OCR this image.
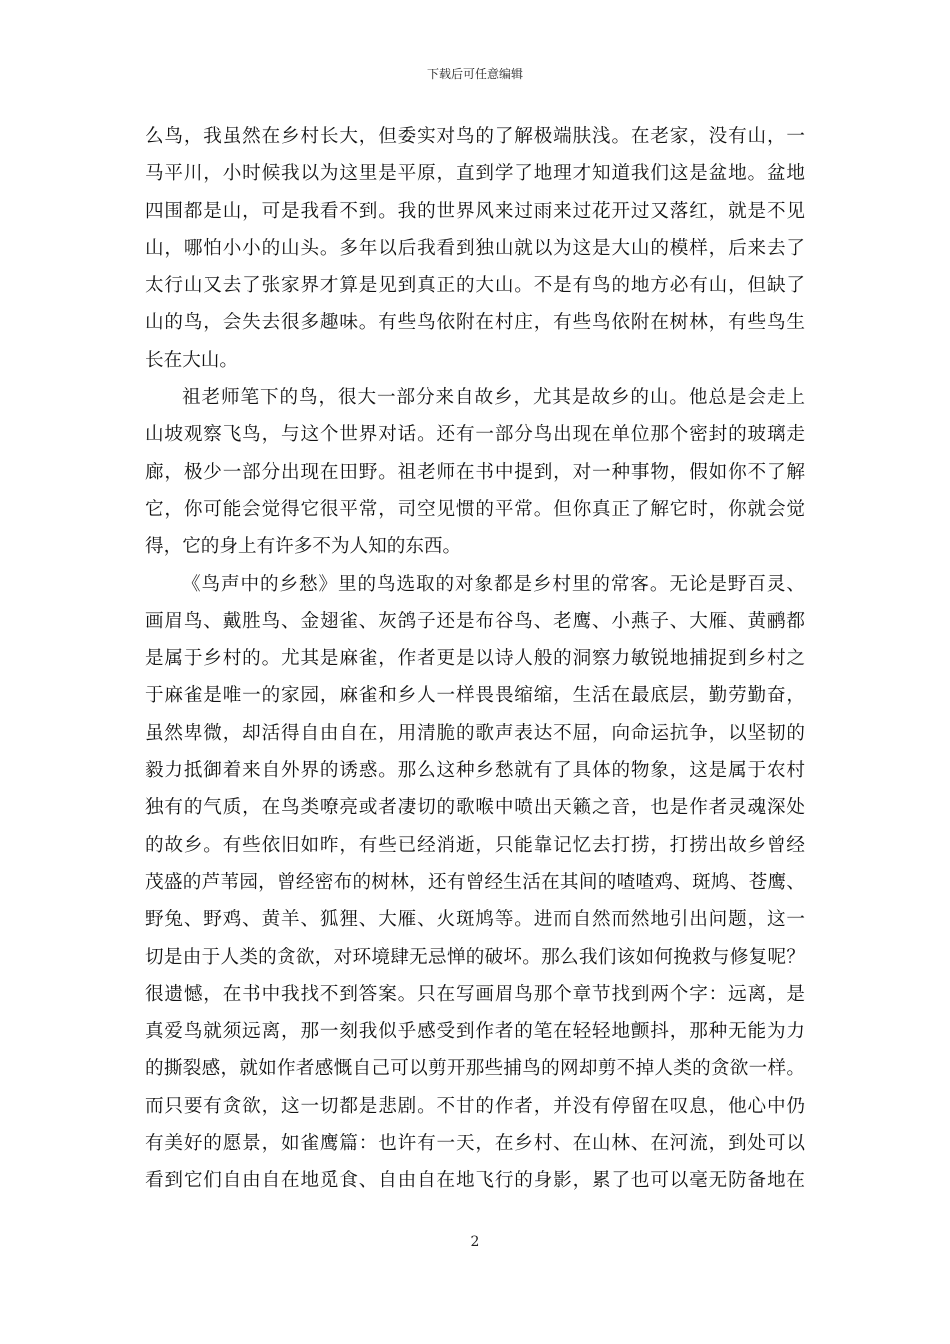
下载后可任意编辑

么鸟，我虽然在乡村长大，但委实对鸟的了解极端肤浅。在老家，没有山，一
马平川，小时候我以为这里是平原，直到学了地理才知道我们这是盆地。盆地
四围都是山，可是我看不到。我的世界风来过雨来过花开过又落红，就是不见
山，哪怕小小的山头。多年以后我看到独山就以为这是大山的模样，后来去了
太行山又去了张家界才算是见到真正的大山。不是有鸟的地方必有山，但缺了
山的鸟，会失去很多趣味。有些鸟依附在村庄，有些鸟依附在树林，有些鸟生
长在大山。

祖老师笔下的鸟，很大一部分来自故乡，尤其是故乡的山。他总是会走上
山坡观察飞鸟，与这个世界对话。还有一部分鸟出现在单位那个密封的玻璃走
廊，极少一部分出现在田野。祖老师在书中提到，对一种事物，假如你不了解
它，你可能会觉得它很平常，司空见惯的平常。但你真正了解它时，你就会觉
得，它的身上有许多不为人知的东西。

《鸟声中的乡愁》里的鸟选取的对象都是乡村里的常客。无论是野百灵、
画眉鸟、戴胜鸟、金翅雀、灰鸽子还是布谷鸟、老鹰、小燕子、大雁、黄鹂都
是属于乡村的。尤其是麻雀，作者更是以诗人般的洞察力敏锐地捕捉到乡村之
于麻雀是唯一的家园，麻雀和乡人一样畏畏缩缩，生活在最底层，勤劳勤奋，
虽然卑微，却活得自由自在，用清脆的歌声表达不屈，向命运抗争，以坚韧的
毅力抵御着来自外界的诱惑。那么这种乡愁就有了具体的物象，这是属于农村
独有的气质，在鸟类嘹亮或者凄切的歌喉中喷出天籁之音，也是作者灵魂深处
的故乡。有些依旧如昨，有些已经消逝，只能靠记忆去打捞，打捞出故乡曾经
茂盛的芦苇园，曾经密布的树林，还有曾经生活在其间的喳喳鸡、斑鸠、苍鹰、
野兔、野鸡、黄羊、狐狸、大雁、火斑鸠等。进而自然而然地引出问题，这一
切是由于人类的贪欲，对环境肆无忌惮的破坏。那么我们该如何挽救与修复呢？
很遗憾，在书中我找不到答案。只在写画眉鸟那个章节找到两个字：远离，是
真爱鸟就须远离，那一刻我似乎感受到作者的笔在轻轻地颤抖，那种无能为力
的撕裂感，就如作者感慨自己可以剪开那些捕鸟的网却剪不掉人类的贪欲一样。
而只要有贪欲，这一切都是悲剧。不甘的作者，并没有停留在叹息，他心中仍
有美好的愿景，如雀鹰篇：也许有一天，在乡村、在山林、在河流，到处可以
看到它们自由自在地觅食、自由自在地飞行的身影，累了也可以毫无防备地在

2
